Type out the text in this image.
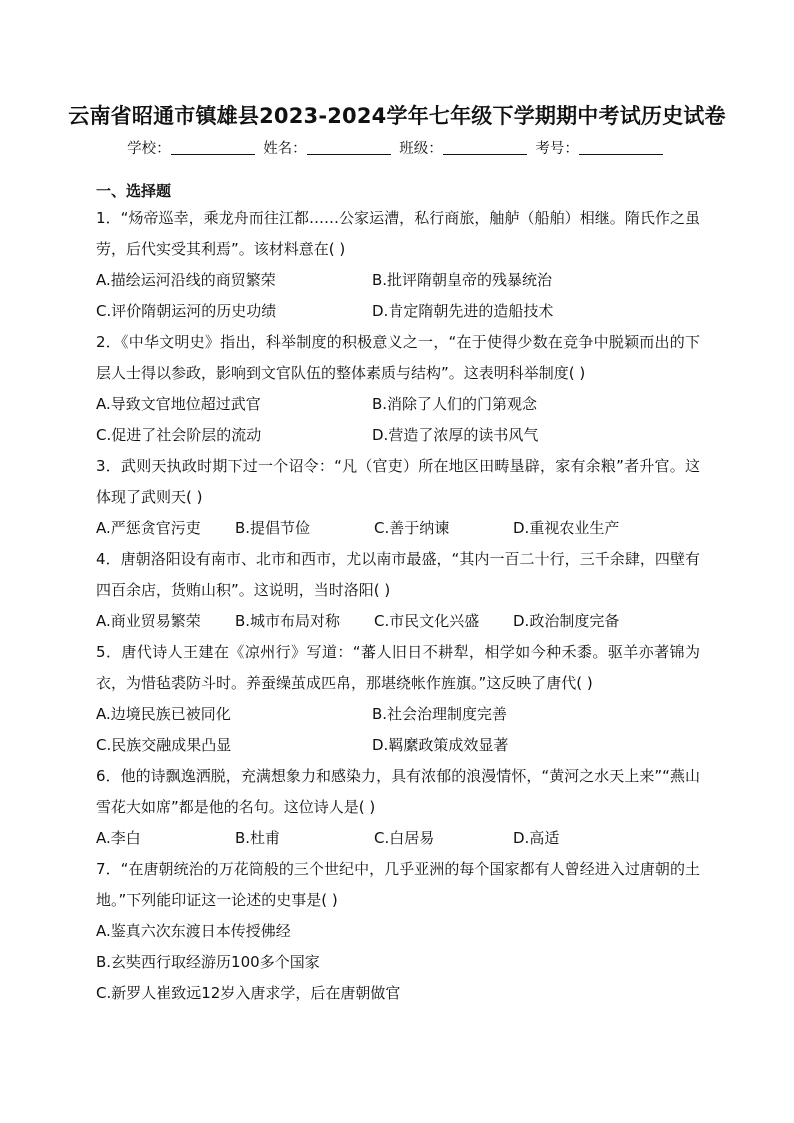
云南省昭通市镇雄县2023-2024学年七年级下学期期中考试历史试卷
学校：	姓名：	班级：	考号：
一、选择题
1．“炀帝巡幸，乘龙舟而往江都……公家运漕，私行商旅，舳舻（船舶）相继。隋氏作之虽劳，后代实受其利焉”。该材料意在( )
A.描绘运河沿线的商贸繁荣	B.批评隋朝皇帝的残暴统治
C.评价隋朝运河的历史功绩	D.肯定隋朝先进的造船技术
2．《中华文明史》指出，科举制度的积极意义之一，“在于使得少数在竞争中脱颖而出的下层人士得以参政，影响到文官队伍的整体素质与结构”。这表明科举制度( )
A.导致文官地位超过武官	B.消除了人们的门第观念
C.促进了社会阶层的流动	D.营造了浓厚的读书风气
3．武则天执政时期下过一个诏令：“凡（官吏）所在地区田畴垦辟，家有余粮”者升官。这体现了武则天( )
A.严惩贪官污吏	B.提倡节俭	C.善于纳谏	D.重视农业生产
4．唐朝洛阳设有南市、北市和西市，尤以南市最盛，“其内一百二十行，三千余肆，四壁有四百余店，货贿山积”。这说明，当时洛阳( )
A.商业贸易繁荣	B.城市布局对称	C.市民文化兴盛	D.政治制度完备
5．唐代诗人王建在《凉州行》写道：“蕃人旧日不耕犁，相学如今种禾黍。驱羊亦著锦为衣，为惜毡裘防斗时。养蚕缲茧成匹帛，那堪绕帐作旌旗。”这反映了唐代( )
A.边境民族已被同化	B.社会治理制度完善
C.民族交融成果凸显	D.羁縻政策成效显著
6．他的诗飘逸洒脱，充满想象力和感染力，具有浓郁的浪漫情怀，“黄河之水天上来”“燕山雪花大如席”都是他的名句。这位诗人是( )
A.李白	B.杜甫	C.白居易	D.高适
7．“在唐朝统治的万花筒般的三个世纪中，几乎亚洲的每个国家都有人曾经进入过唐朝的土地。”下列能印证这一论述的史事是( )
A.鉴真六次东渡日本传授佛经
B.玄奘西行取经游历100多个国家
C.新罗人崔致远12岁入唐求学，后在唐朝做官
